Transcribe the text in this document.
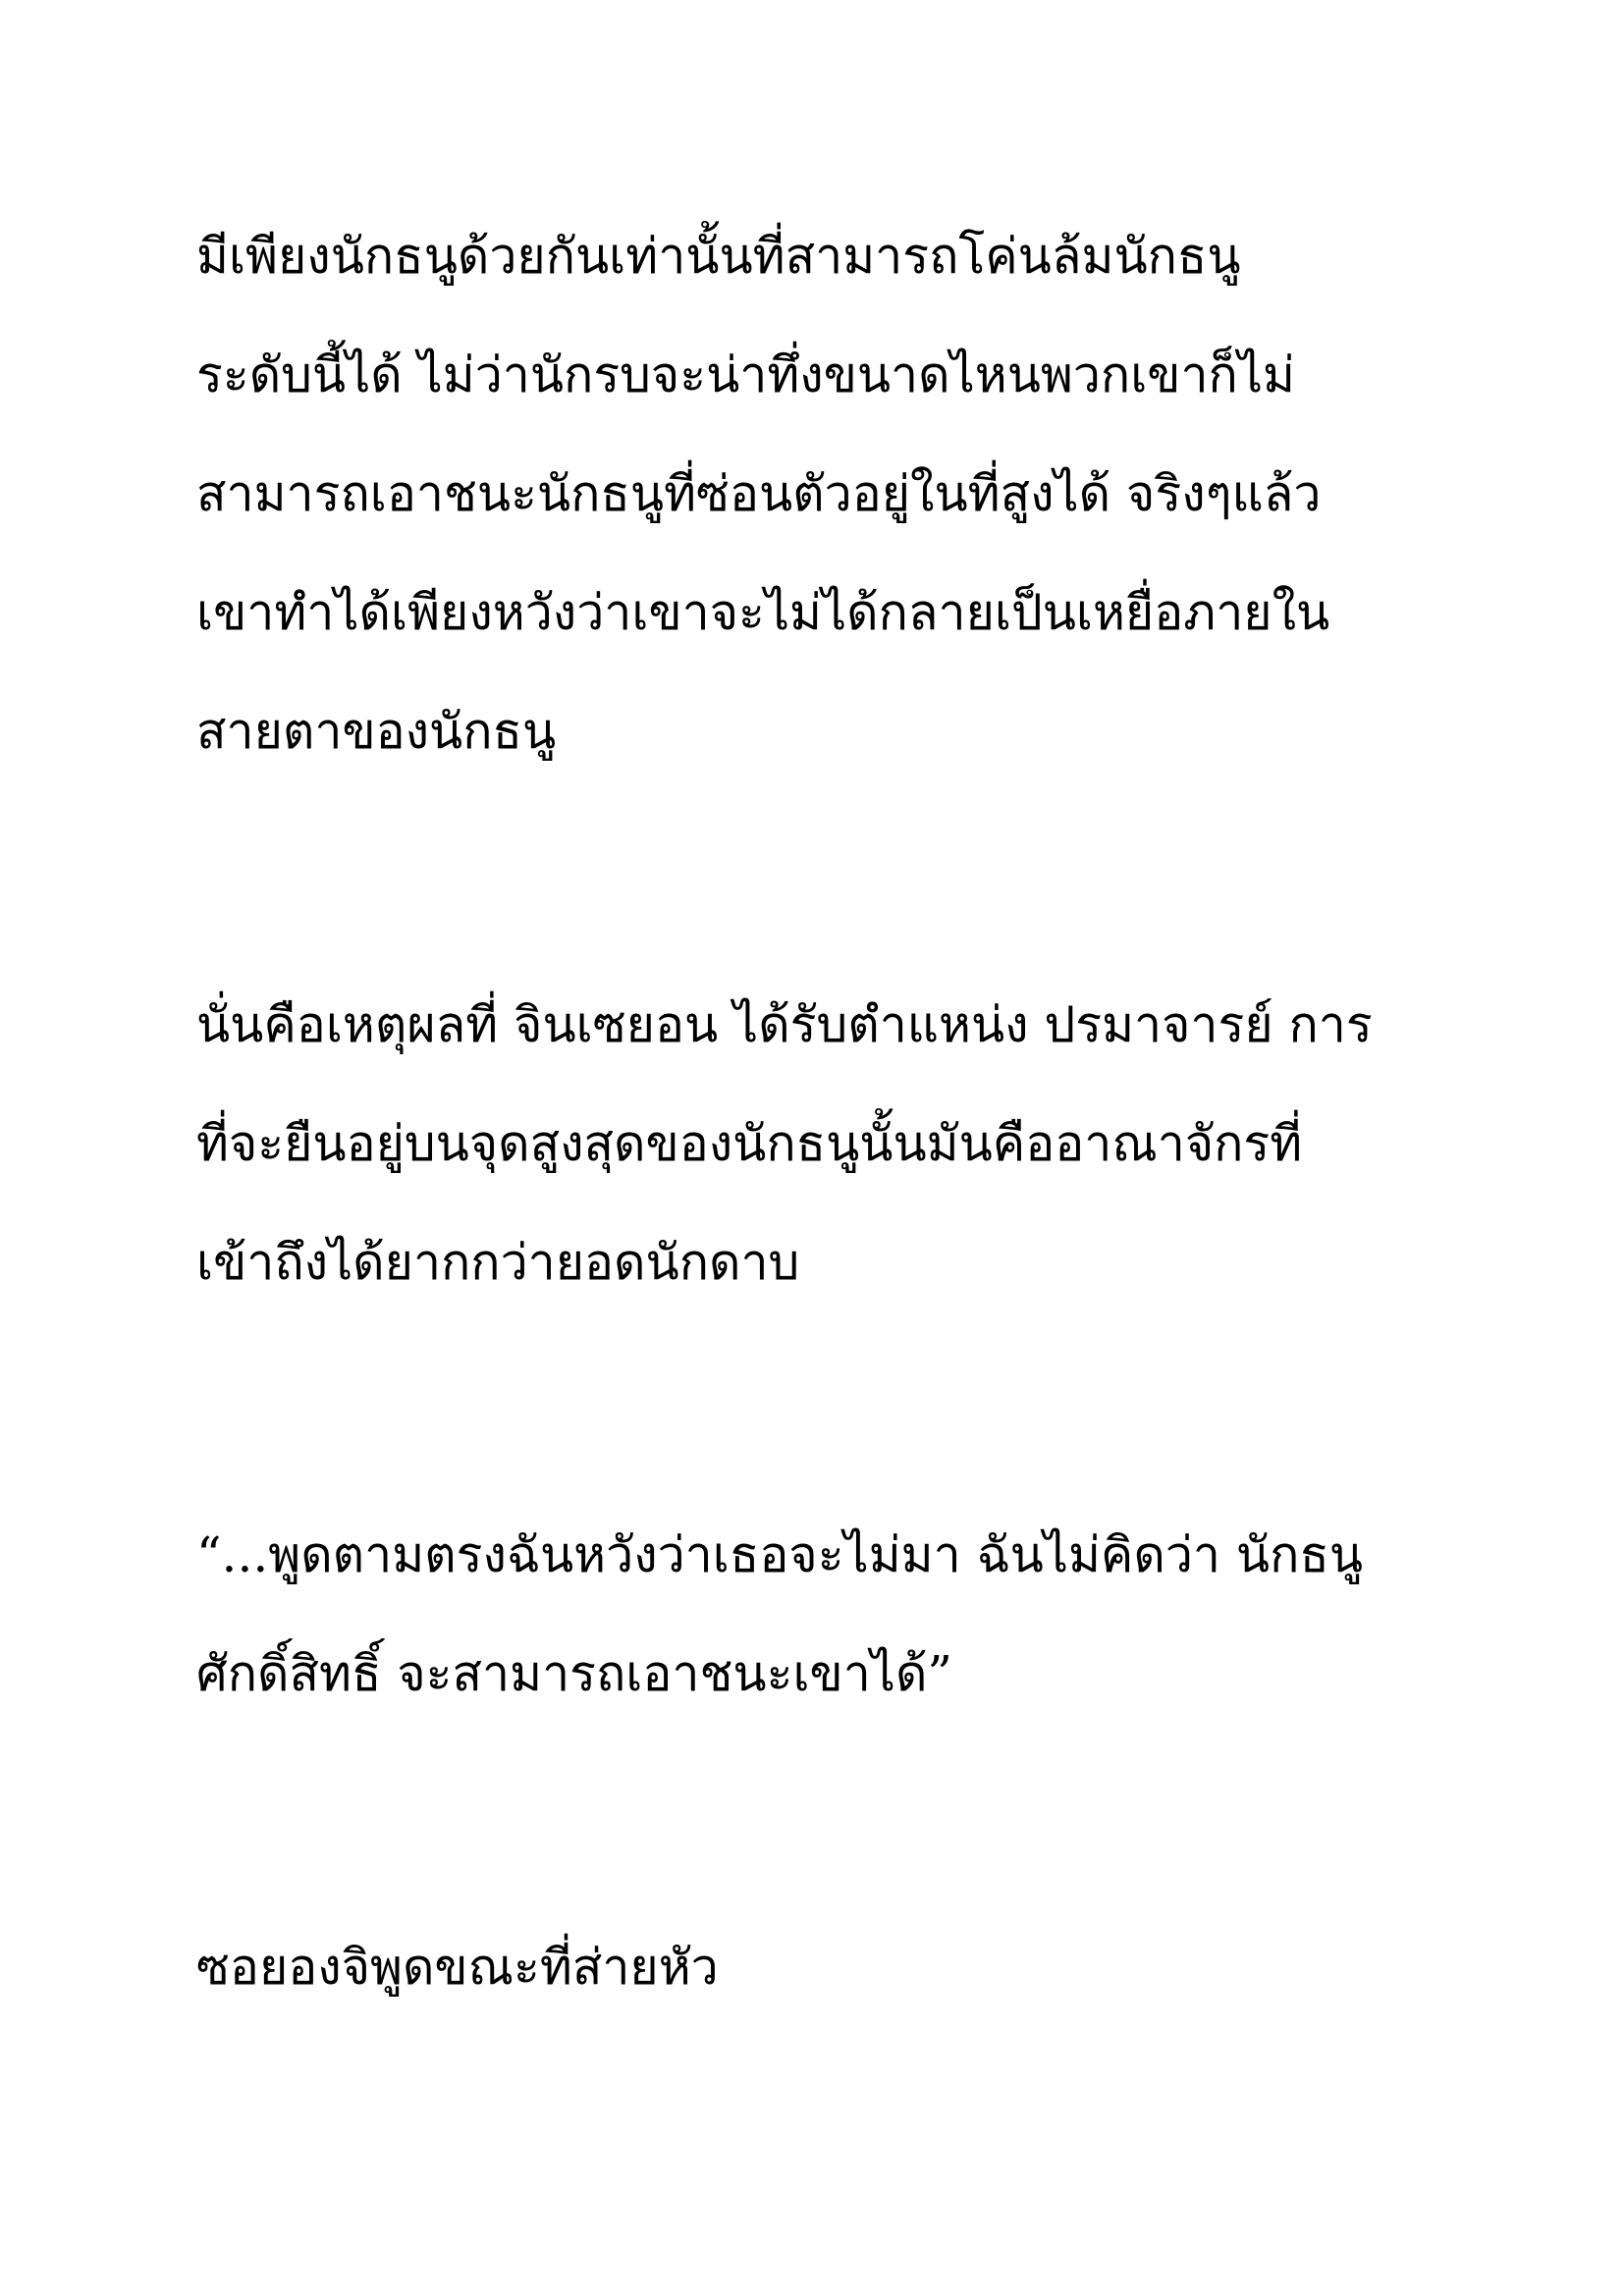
มีเพียงนักธนูด้วยกันเท่านั้นที่สามารถโค่นล้มนักธนู

ระดับนี้ได้ ไม่ว่านักรบจะน่าทึ่งขนาดไหนพวกเขาก็ไม่

สามารถเอาชนะนักธนูที่ซ่อนตัวอยู่ในที่สูงได้ จริงๆแล้ว

เขาทำได้เพียงหวังว่าเขาจะไม่ได้กลายเป็นเหยื่อภายใน

สายตาของนักธนู

นั่นคือเหตุผลที่ จินเซยอน ได้รับตำแหน่ง ปรมาจารย์ การ

ที่จะยืนอยู่บนจุดสูงสุดของนักธนูนั้นมันคืออาณาจักรที่

เข้าถึงได้ยากกว่ายอดนักดาบ

“...พูดตามตรงฉันหวังว่าเธอจะไม่มา ฉันไม่คิดว่า นักธนู

ศักดิ์สิทธิ์ จะสามารถเอาชนะเขาได้”

ซอยองจิพูดขณะที่ส่ายหัว
